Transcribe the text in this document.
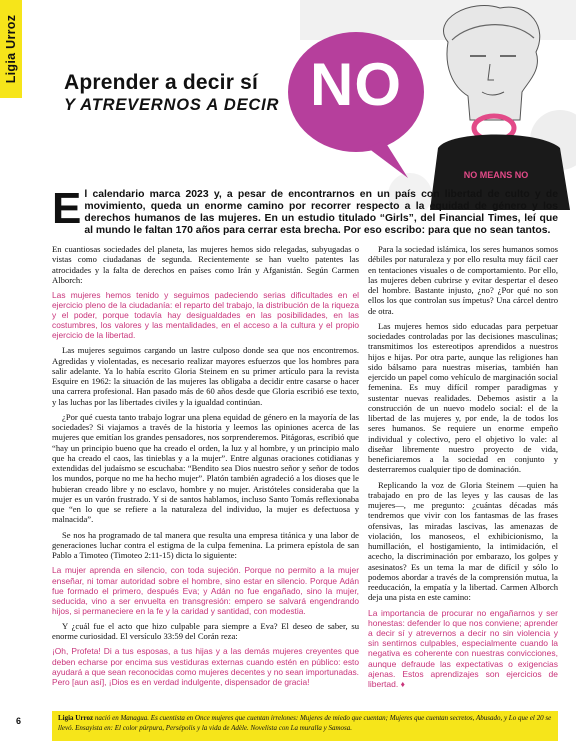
Ligia Urroz
NO MEANS NO
Aprender a decir sí
Y ATREVERNOS A DECIR NO

El calendario marca 2023 y, a pesar de encontrarnos en un país con libertad de culto y de movimiento, queda un enorme camino por recorrer respecto a la equidad de género y los derechos humanos de las mujeres. En un estudio titulado “Girls”, del Financial Times, leí que al mundo le faltan 170 años para cerrar esta brecha. Por eso escribo: para que no sean tantos.

En cuantiosas sociedades del planeta, las mujeres hemos sido relegadas, subyugadas o vistas como ciudadanas de segunda. Recientemente se han vuelto patentes las atrocidades y la falta de derechos en países como Irán y Afganistán. Según Carmen Alborch:

Las mujeres hemos tenido y seguimos padeciendo serias dificultades en el ejercicio pleno de la ciudadanía: el reparto del trabajo, la distribución de la riqueza y el poder, porque todavía hay desigualdades en las posibilidades, en las costumbres, los valores y las mentalidades, en el acceso a la cultura y el propio ejercicio de la libertad.

Las mujeres seguimos cargando un lastre culposo donde sea que nos encontremos. Agredidas y violentadas, es necesario realizar mayores esfuerzos que los hombres para salir adelante. Ya lo había escrito Gloria Steinem en su primer artículo para la revista Esquire en 1962: la situación de las mujeres las obligaba a decidir entre casarse o hacer una carrera profesional. Han pasado más de 60 años desde que Gloria escribió ese texto, y las luchas por las libertades civiles y la igualdad continúan.

¿Por qué cuesta tanto trabajo lograr una plena equidad de género en la mayoría de las sociedades? Si viajamos a través de la historia y leemos las opiniones acerca de las mujeres que emitían los grandes pensadores, nos sorprenderemos. Pitágoras, escribió que “hay un principio bueno que ha creado el orden, la luz y al hombre, y un principio malo que ha creado el caos, las tinieblas y a la mujer”. Entre algunas oraciones cotidianas y extendidas del judaísmo se escuchaba: “Bendito sea Dios nuestro señor y señor de todos los mundos, porque no me ha hecho mujer”. Platón también agradeció a los dioses que le hubieran creado libre y no esclavo, hombre y no mujer. Aristóteles consideraba que la mujer es un varón frustrado. Y si de santos hablamos, incluso Santo Tomás reflexionaba que “en lo que se refiere a la naturaleza del individuo, la mujer es defectuosa y malnacida”.

Se nos ha programado de tal manera que resulta una empresa titánica y una labor de generaciones luchar contra el estigma de la culpa femenina. La primera epístola de san Pablo a Timoteo (Timoteo 2:11-15) dicta lo siguiente:

La mujer aprenda en silencio, con toda sujeción. Porque no permito a la mujer enseñar, ni tomar autoridad sobre el hombre, sino estar en silencio. Porque Adán fue formado el primero, después Eva; y Adán no fue engañado, sino la mujer, seducida, vino a ser envuelta en transgresión: empero se salvará engendrando hijos, si permaneciere en la fe y la caridad y santidad, con modestia.

Y ¿cuál fue el acto que hizo culpable para siempre a Eva? El deseo de saber, su enorme curiosidad. El versículo 33:59 del Corán reza:

¡Oh, Profeta! Di a tus esposas, a tus hijas y a las demás mujeres creyentes que deben echarse por encima sus vestiduras externas cuando estén en público: esto ayudará a que sean reconocidas como mujeres decentes y no sean importunadas. Pero [aun así], ¡Dios es en verdad indulgente, dispensador de gracia!

Para la sociedad islámica, los seres humanos somos débiles por naturaleza y por ello resulta muy fácil caer en tentaciones visuales o de comportamiento. Por ello, las mujeres deben cubrirse y evitar despertar el deseo del hombre. Bastante injusto, ¿no? ¿Por qué no son ellos los que controlan sus ímpetus? Una cárcel dentro de otra.

Las mujeres hemos sido educadas para perpetuar sociedades controladas por las decisiones masculinas; transmitimos los estereotipos aprendidos a nuestros hijos e hijas. Por otra parte, aunque las religiones han sido bálsamo para nuestras miserias, también han ejercido un papel como vehículo de marginación social femenina. Es muy difícil romper paradigmas y sustentar nuevas realidades. Debemos asistir a la construcción de un nuevo modelo social: el de la libertad de las mujeres y, por ende, la de todos los seres humanos. Se requiere un enorme empeño individual y colectivo, pero el objetivo lo vale: al diseñar libremente nuestro proyecto de vida, beneficiaremos a la sociedad en conjunto y desterraremos cualquier tipo de dominación.

Replicando la voz de Gloria Steinem —quien ha trabajado en pro de las leyes y las causas de las mujeres—, me pregunto: ¿cuántas décadas más tendremos que vivir con los fantasmas de las frases ofensivas, las miradas lascivas, las amenazas de violación, los manoseos, el exhibicionismo, la humillación, el hostigamiento, la intimidación, el acecho, la discriminación por embarazo, los golpes y asesinatos? Es un tema la mar de difícil y sólo lo podemos abordar a través de la comprensión mutua, la reeducación, la empatía y la libertad. Carmen Alborch deja una pista en este camino:

La importancia de procurar no engañarnos y ser honestas: defender lo que nos conviene; aprender a decir sí y atrevernos a decir no sin violencia y sin sentirnos culpables, especialmente cuando la negativa es coherente con nuestras convicciones, aunque defraude las expectativas o exigencias ajenas. Estos aprendizajes son ejercicios de libertad. ♦

6	Ligia Urroz nació en Managua. Es cuentista en Once mujeres que cuentan irrelones: Mujeres de miedo que cuentan; Mujeres que cuentan secretos, Abusado, y Lo que el 20 se llevó. Ensayista en: El color púrpura, Persépolis y la vida de Adèle. Novelista con La muralla y Samosa.
